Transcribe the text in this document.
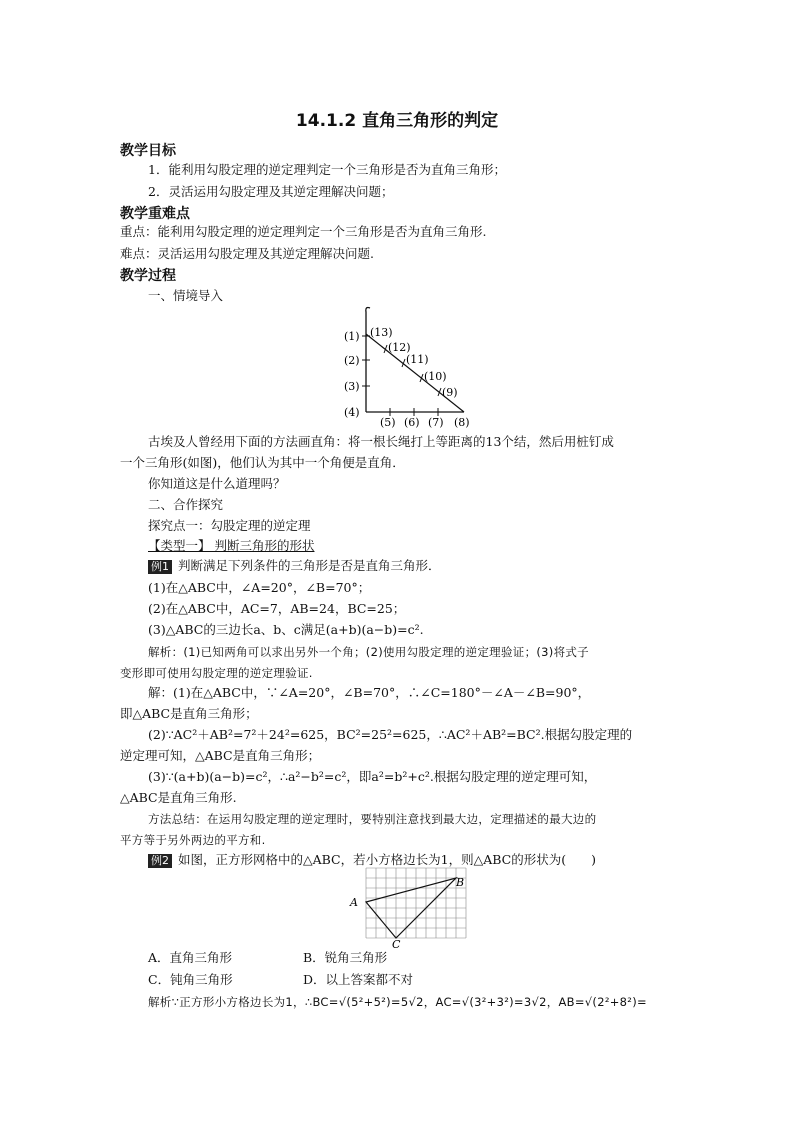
14.1.2 直角三角形的判定
教学目标
1．能利用勾股定理的逆定理判定一个三角形是否为直角三角形；
2．灵活运用勾股定理及其逆定理解决问题；
教学重难点
重点：能利用勾股定理的逆定理判定一个三角形是否为直角三角形.
难点：灵活运用勾股定理及其逆定理解决问题.
教学过程
一、情境导入
(1)
(2)
(3)
(4)
(5) (6) (7) (8)
(13)
(12)
(11)
(10)
(9)
古埃及人曾经用下面的方法画直角：将一根长绳打上等距离的13个结，然后用桩钉成
一个三角形(如图)，他们认为其中一个角便是直角．
你知道这是什么道理吗？
二、合作探究
探究点一：勾股定理的逆定理
【类型一】 判断三角形的形状
例1 判断满足下列条件的三角形是否是直角三角形．
(1)在△ABC中，∠A=20°，∠B=70°；
(2)在△ABC中，AC=7，AB=24，BC=25；
(3)△ABC的三边长a、b、c满足(a+b)(a−b)=c².
解析：(1)已知两角可以求出另外一个角；(2)使用勾股定理的逆定理验证；(3)将式子
变形即可使用勾股定理的逆定理验证.
解：(1)在△ABC中，∵∠A=20°，∠B=70°，∴∠C=180°－∠A－∠B=90°，
即△ABC是直角三角形；
(2)∵AC²＋AB²=7²＋24²=625，BC²=25²=625，∴AC²＋AB²=BC².根据勾股定理的
逆定理可知，△ABC是直角三角形；
(3)∵(a+b)(a−b)=c²，∴a²−b²=c²，即a²=b²+c².根据勾股定理的逆定理可知，
△ABC是直角三角形.
方法总结：在运用勾股定理的逆定理时，要特别注意找到最大边，定理描述的最大边的
平方等于另外两边的平方和.
例2 如图，正方形网格中的△ABC，若小方格边长为1，则△ABC的形状为(　　)
A
B
C
A．直角三角形	B．锐角三角形
C．钝角三角形	D．以上答案都不对
解析∵正方形小方格边长为1，∴BC=√(5²+5²)=5√2，AC=√(3²+3²)=3√2，AB=√(2²+8²)=
